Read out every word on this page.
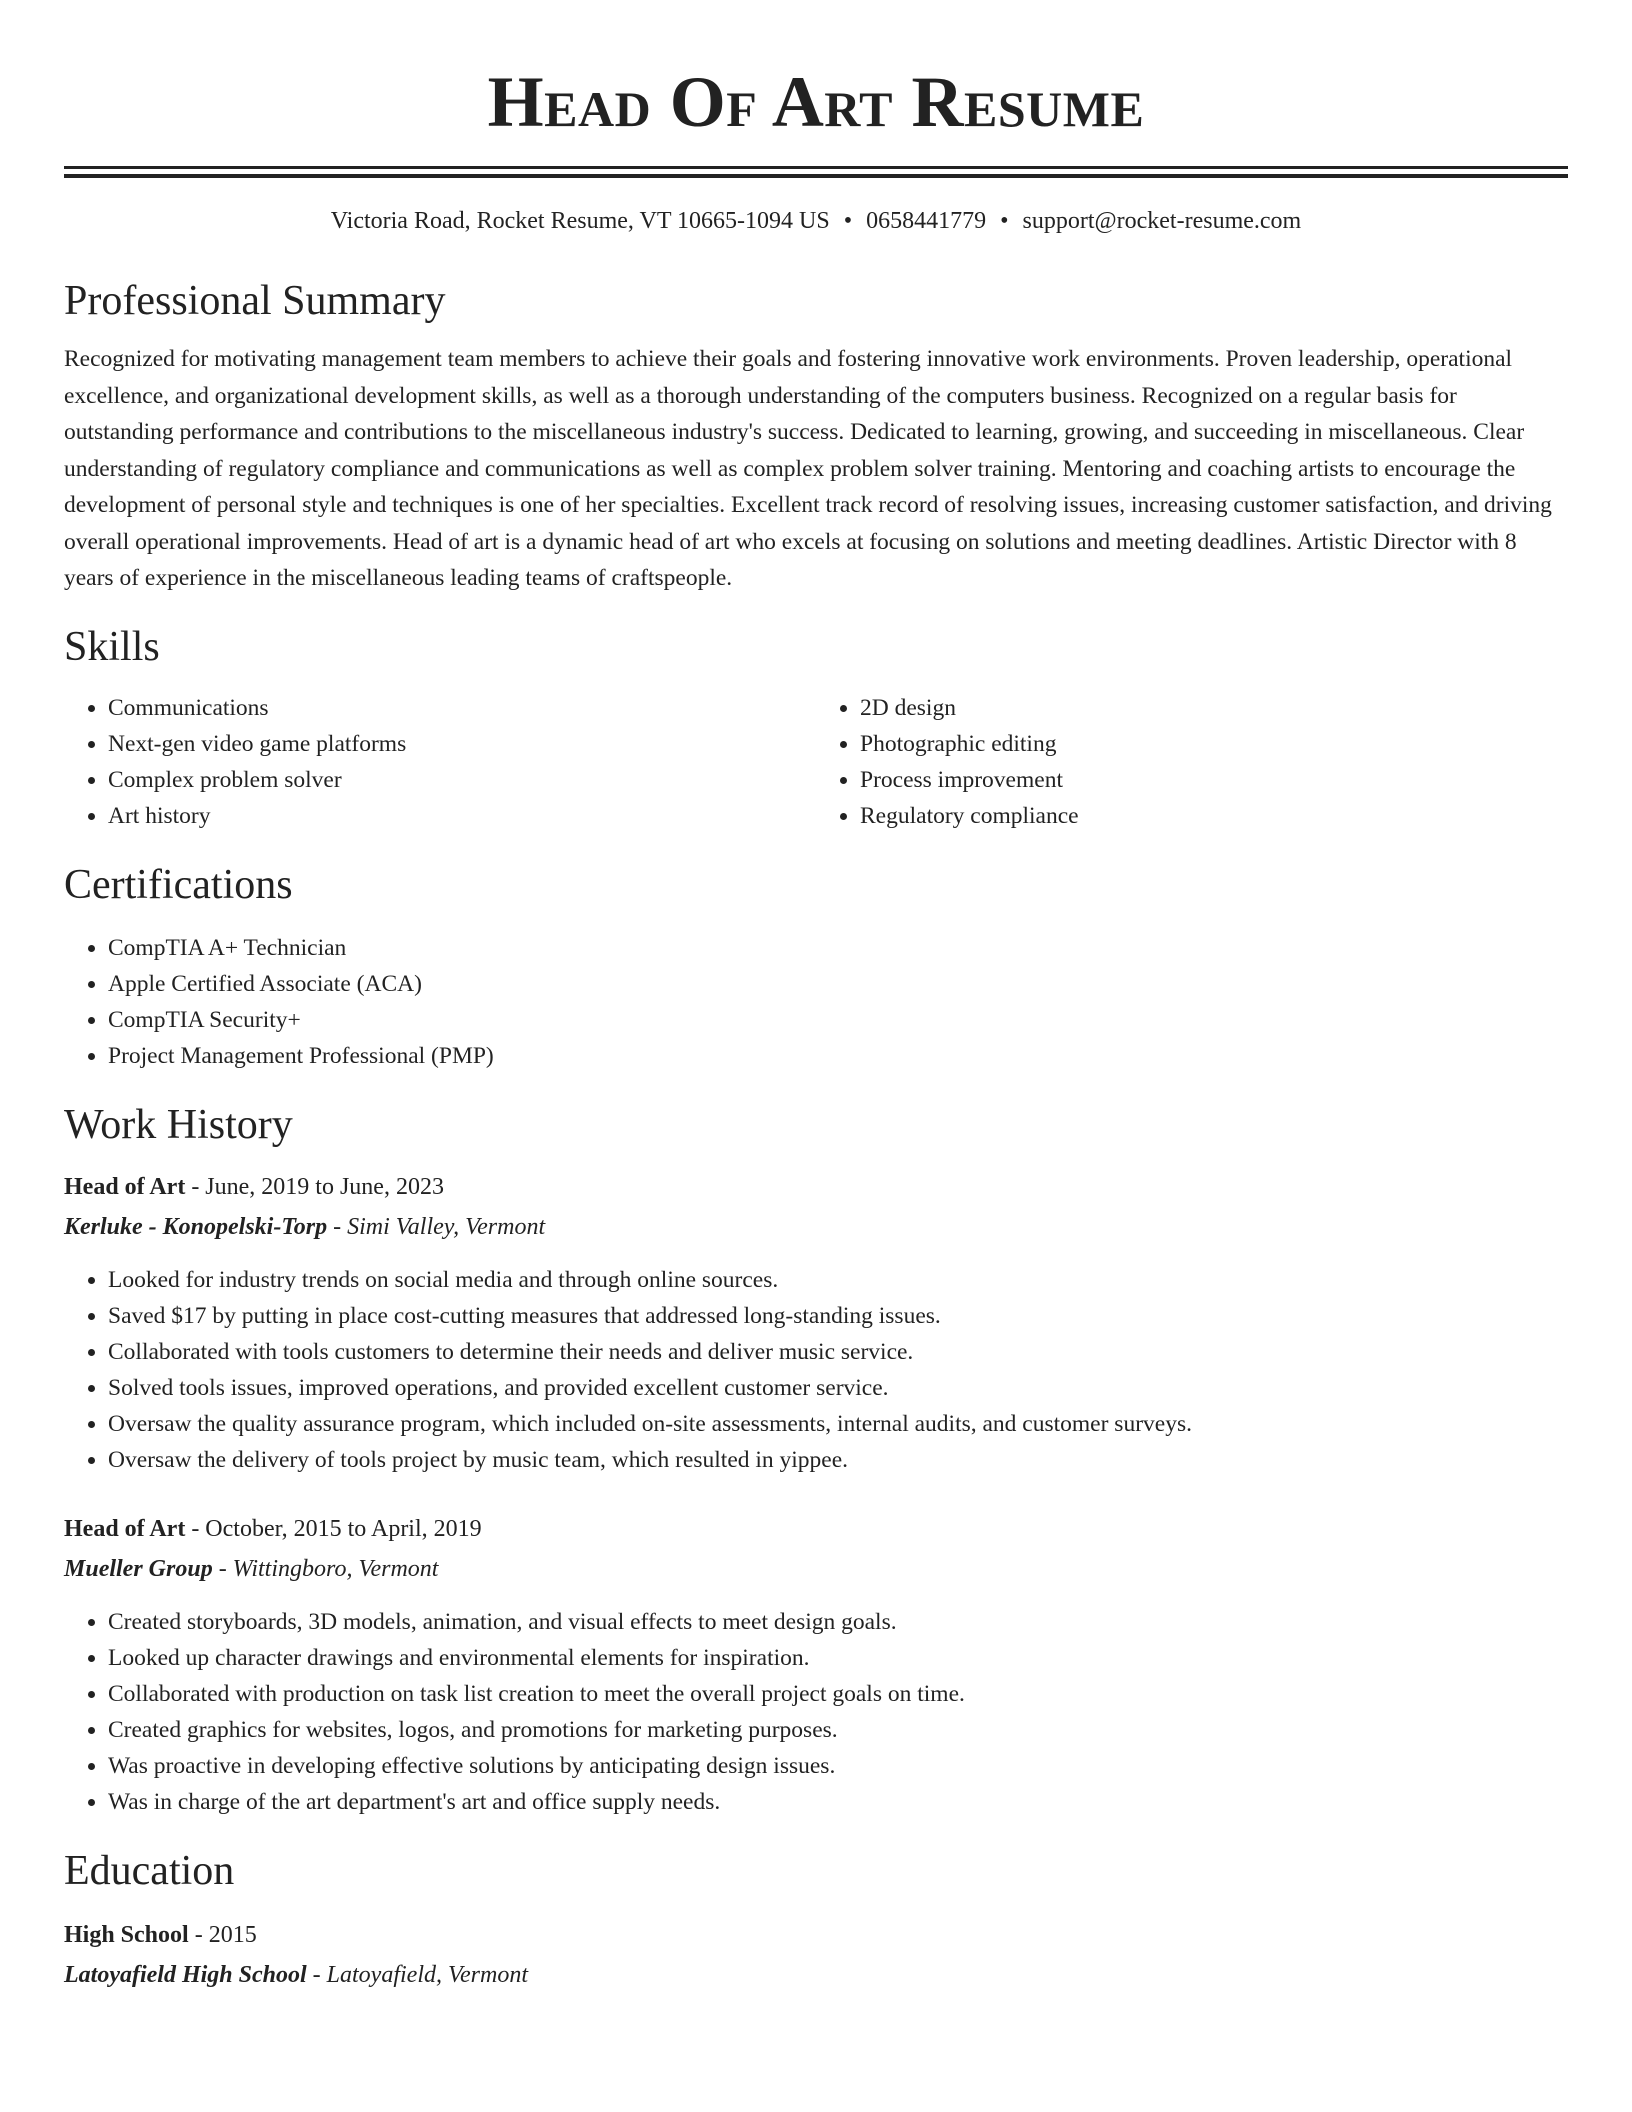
Head Of Art Resume
Victoria Road, Rocket Resume, VT 10665-1094 US • 0658441779 • support@rocket-resume.com
Professional Summary
Recognized for motivating management team members to achieve their goals and fostering innovative work environments. Proven leadership, operational excellence, and organizational development skills, as well as a thorough understanding of the computers business. Recognized on a regular basis for outstanding performance and contributions to the miscellaneous industry's success. Dedicated to learning, growing, and succeeding in miscellaneous. Clear understanding of regulatory compliance and communications as well as complex problem solver training. Mentoring and coaching artists to encourage the development of personal style and techniques is one of her specialties. Excellent track record of resolving issues, increasing customer satisfaction, and driving overall operational improvements. Head of art is a dynamic head of art who excels at focusing on solutions and meeting deadlines. Artistic Director with 8 years of experience in the miscellaneous leading teams of craftspeople.
Skills
• Communications
• Next-gen video game platforms
• Complex problem solver
• Art history
• 2D design
• Photographic editing
• Process improvement
• Regulatory compliance
Certifications
• CompTIA A+ Technician
• Apple Certified Associate (ACA)
• CompTIA Security+
• Project Management Professional (PMP)
Work History
Head of Art - June, 2019 to June, 2023
Kerluke - Konopelski-Torp - Simi Valley, Vermont
• Looked for industry trends on social media and through online sources.
• Saved $17 by putting in place cost-cutting measures that addressed long-standing issues.
• Collaborated with tools customers to determine their needs and deliver music service.
• Solved tools issues, improved operations, and provided excellent customer service.
• Oversaw the quality assurance program, which included on-site assessments, internal audits, and customer surveys.
• Oversaw the delivery of tools project by music team, which resulted in yippee.
Head of Art - October, 2015 to April, 2019
Mueller Group - Wittingboro, Vermont
• Created storyboards, 3D models, animation, and visual effects to meet design goals.
• Looked up character drawings and environmental elements for inspiration.
• Collaborated with production on task list creation to meet the overall project goals on time.
• Created graphics for websites, logos, and promotions for marketing purposes.
• Was proactive in developing effective solutions by anticipating design issues.
• Was in charge of the art department's art and office supply needs.
Education
High School - 2015
Latoyafield High School - Latoyafield, Vermont
